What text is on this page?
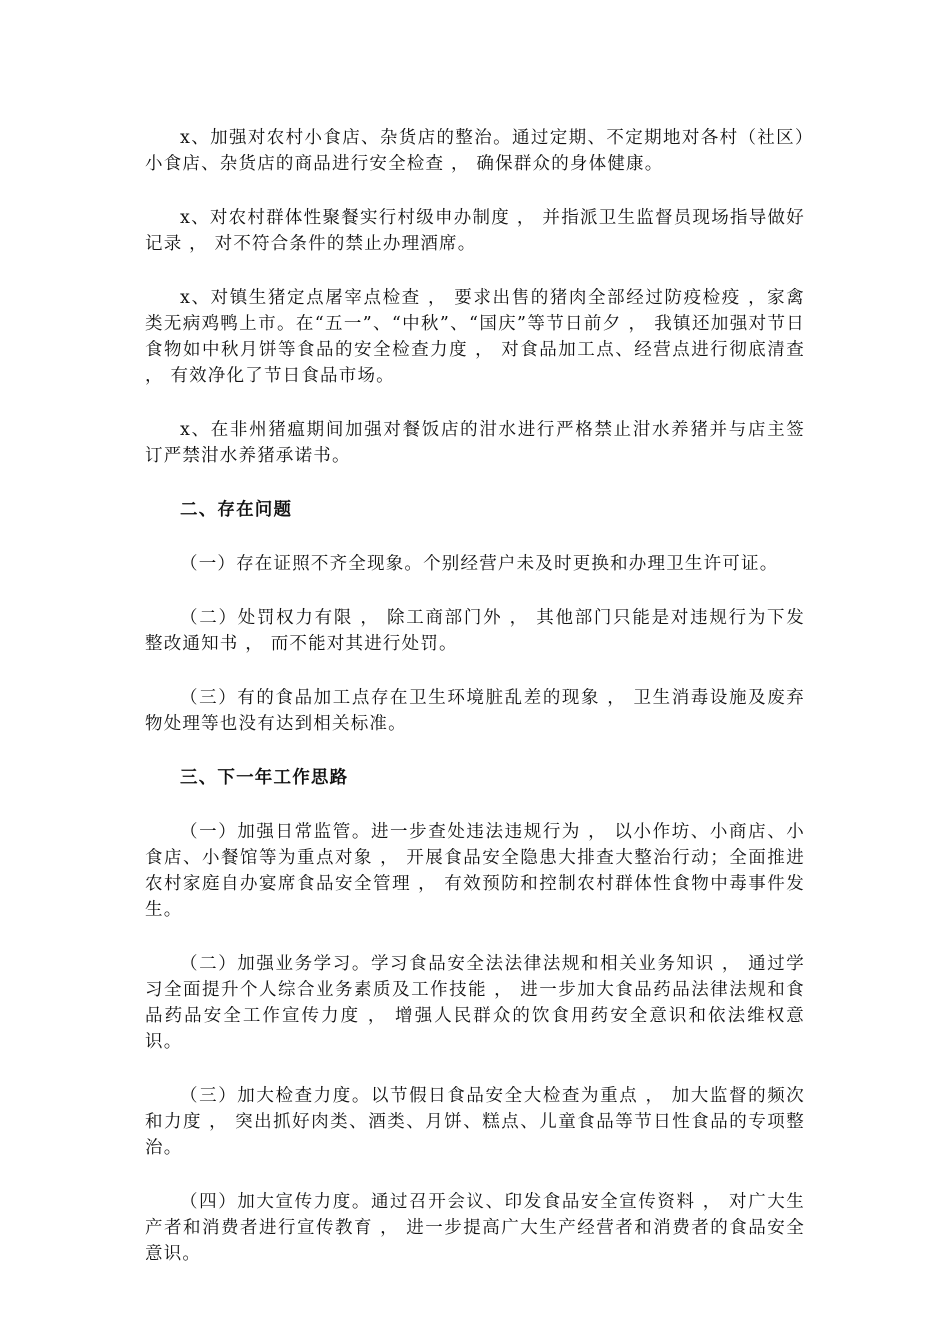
x、加强对农村小食店、杂货店的整治。通过定期、不定期地对各村（社区）小食店、杂货店的商品进行安全检查 ， 确保群众的身体健康。

x、对农村群体性聚餐实行村级申办制度 ， 并指派卫生监督员现场指导做好记录 ， 对不符合条件的禁止办理酒席。

x、对镇生猪定点屠宰点检查 ， 要求出售的猪肉全部经过防疫检疫 ，家禽类无病鸡鸭上市。在“五一”、“中秋”、“国庆”等节日前夕 ， 我镇还加强对节日食物如中秋月饼等食品的安全检查力度 ， 对食品加工点、经营点进行彻底清查 ， 有效净化了节日食品市场。

x、在非州猪瘟期间加强对餐饭店的泔水进行严格禁止泔水养猪并与店主签订严禁泔水养猪承诺书。

二、存在问题

（一）存在证照不齐全现象。个别经营户未及时更换和办理卫生许可证。

（二）处罚权力有限 ， 除工商部门外 ， 其他部门只能是对违规行为下发整改通知书 ， 而不能对其进行处罚。

（三）有的食品加工点存在卫生环境脏乱差的现象 ， 卫生消毒设施及废弃物处理等也没有达到相关标准。

三、下一年工作思路

（一）加强日常监管。进一步查处违法违规行为 ， 以小作坊、小商店、小食店、小餐馆等为重点对象 ， 开展食品安全隐患大排查大整治行动；全面推进农村家庭自办宴席食品安全管理 ， 有效预防和控制农村群体性食物中毒事件发生。

（二）加强业务学习。学习食品安全法法律法规和相关业务知识 ， 通过学习全面提升个人综合业务素质及工作技能 ， 进一步加大食品药品法律法规和食品药品安全工作宣传力度 ， 增强人民群众的饮食用药安全意识和依法维权意识。

（三）加大检查力度。以节假日食品安全大检查为重点 ， 加大监督的频次和力度 ， 突出抓好肉类、酒类、月饼、糕点、儿童食品等节日性食品的专项整治。

（四）加大宣传力度。通过召开会议、印发食品安全宣传资料 ， 对广大生产者和消费者进行宣传教育 ， 进一步提高广大生产经营者和消费者的食品安全意识。
